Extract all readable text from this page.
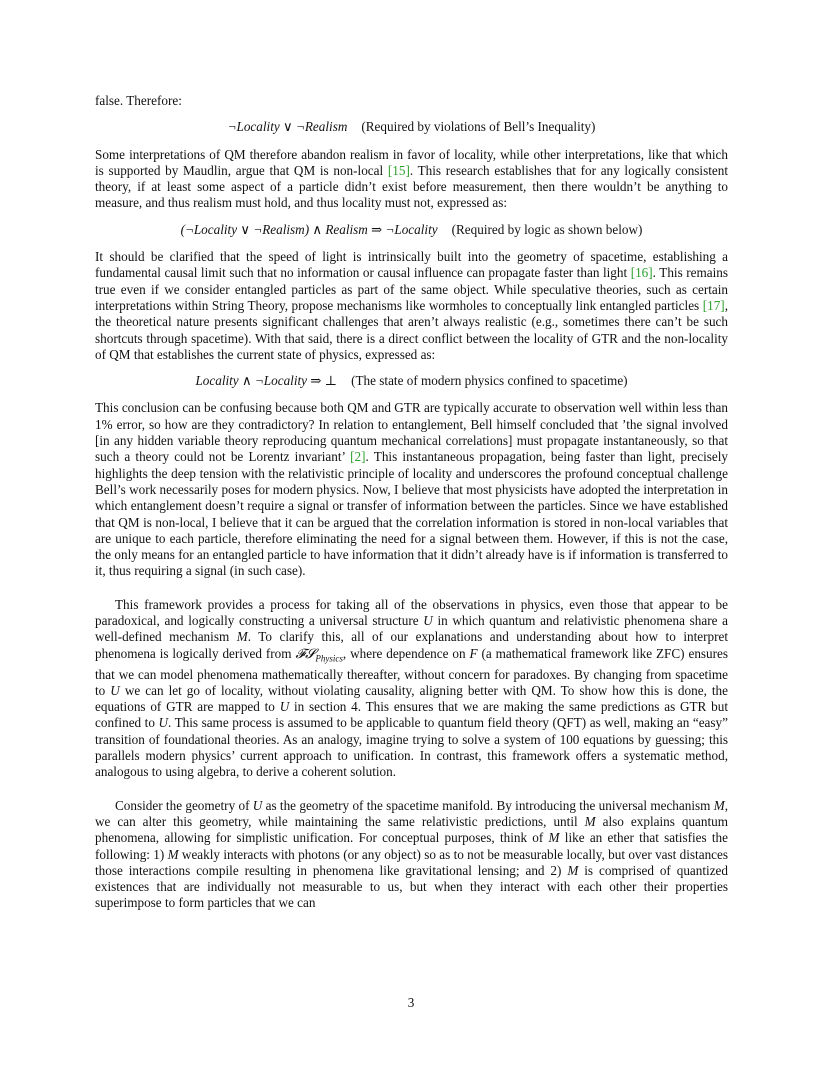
false. Therefore:

¬Locality ∨ ¬Realism (Required by violations of Bell’s Inequality)

Some interpretations of QM therefore abandon realism in favor of locality, while other interpretations, like that which is supported by Maudlin, argue that QM is non-local [15]. This research establishes that for any logically consistent theory, if at least some aspect of a particle didn’t exist before measurement, then there wouldn’t be anything to measure, and thus realism must hold, and thus locality must not, expressed as:

(¬Locality ∨ ¬Realism) ∧ Realism ⇒ ¬Locality (Required by logic as shown below)

It should be clarified that the speed of light is intrinsically built into the geometry of spacetime, establishing a fundamental causal limit such that no information or causal influence can propagate faster than light [16]. This remains true even if we consider entangled particles as part of the same object. While speculative theories, such as certain interpretations within String Theory, propose mechanisms like wormholes to conceptually link entangled particles [17], the theoretical nature presents significant challenges that aren’t always realistic (e.g., sometimes there can’t be such shortcuts through spacetime). With that said, there is a direct conflict between the locality of GTR and the non-locality of QM that establishes the current state of physics, expressed as:

Locality ∧ ¬Locality ⇒ ⊥ (The state of modern physics confined to spacetime)

This conclusion can be confusing because both QM and GTR are typically accurate to observation well within less than 1% error, so how are they contradictory? In relation to entanglement, Bell himself concluded that ’the signal involved [in any hidden variable theory reproducing quantum mechanical correlations] must propagate instantaneously, so that such a theory could not be Lorentz invariant’ [2]. This instantaneous propagation, being faster than light, precisely highlights the deep tension with the relativistic principle of locality and underscores the profound conceptual challenge Bell’s work necessarily poses for modern physics. Now, I believe that most physicists have adopted the interpretation in which entanglement doesn’t require a signal or transfer of information between the particles. Since we have established that QM is non-local, I believe that it can be argued that the correlation information is stored in non-local variables that are unique to each particle, therefore eliminating the need for a signal between them. However, if this is not the case, the only means for an entangled particle to have information that it didn’t already have is if information is transferred to it, thus requiring a signal (in such case).

This framework provides a process for taking all of the observations in physics, even those that appear to be paradoxical, and logically constructing a universal structure U in which quantum and relativistic phenomena share a well-defined mechanism M. To clarify this, all of our explanations and understanding about how to interpret phenomena is logically derived from 𝓕𝓢$_{Physics}$, where dependence on F (a mathematical framework like ZFC) ensures that we can model phenomena mathematically thereafter, without concern for paradoxes. By changing from spacetime to U we can let go of locality, without violating causality, aligning better with QM. To show how this is done, the equations of GTR are mapped to U in section 4. This ensures that we are making the same predictions as GTR but confined to U. This same process is assumed to be applicable to quantum field theory (QFT) as well, making an “easy” transition of foundational theories. As an analogy, imagine trying to solve a system of 100 equations by guessing; this parallels modern physics’ current approach to unification. In contrast, this framework offers a systematic method, analogous to using algebra, to derive a coherent solution.

Consider the geometry of U as the geometry of the spacetime manifold. By introducing the universal mechanism M, we can alter this geometry, while maintaining the same relativistic predictions, until M also explains quantum phenomena, allowing for simplistic unification. For conceptual purposes, think of M like an ether that satisfies the following: 1) M weakly interacts with photons (or any object) so as to not be measurable locally, but over vast distances those interactions compile resulting in phenomena like gravitational lensing; and 2) M is comprised of quantized existences that are individually not measurable to us, but when they interact with each other their properties superimpose to form particles that we can

3
